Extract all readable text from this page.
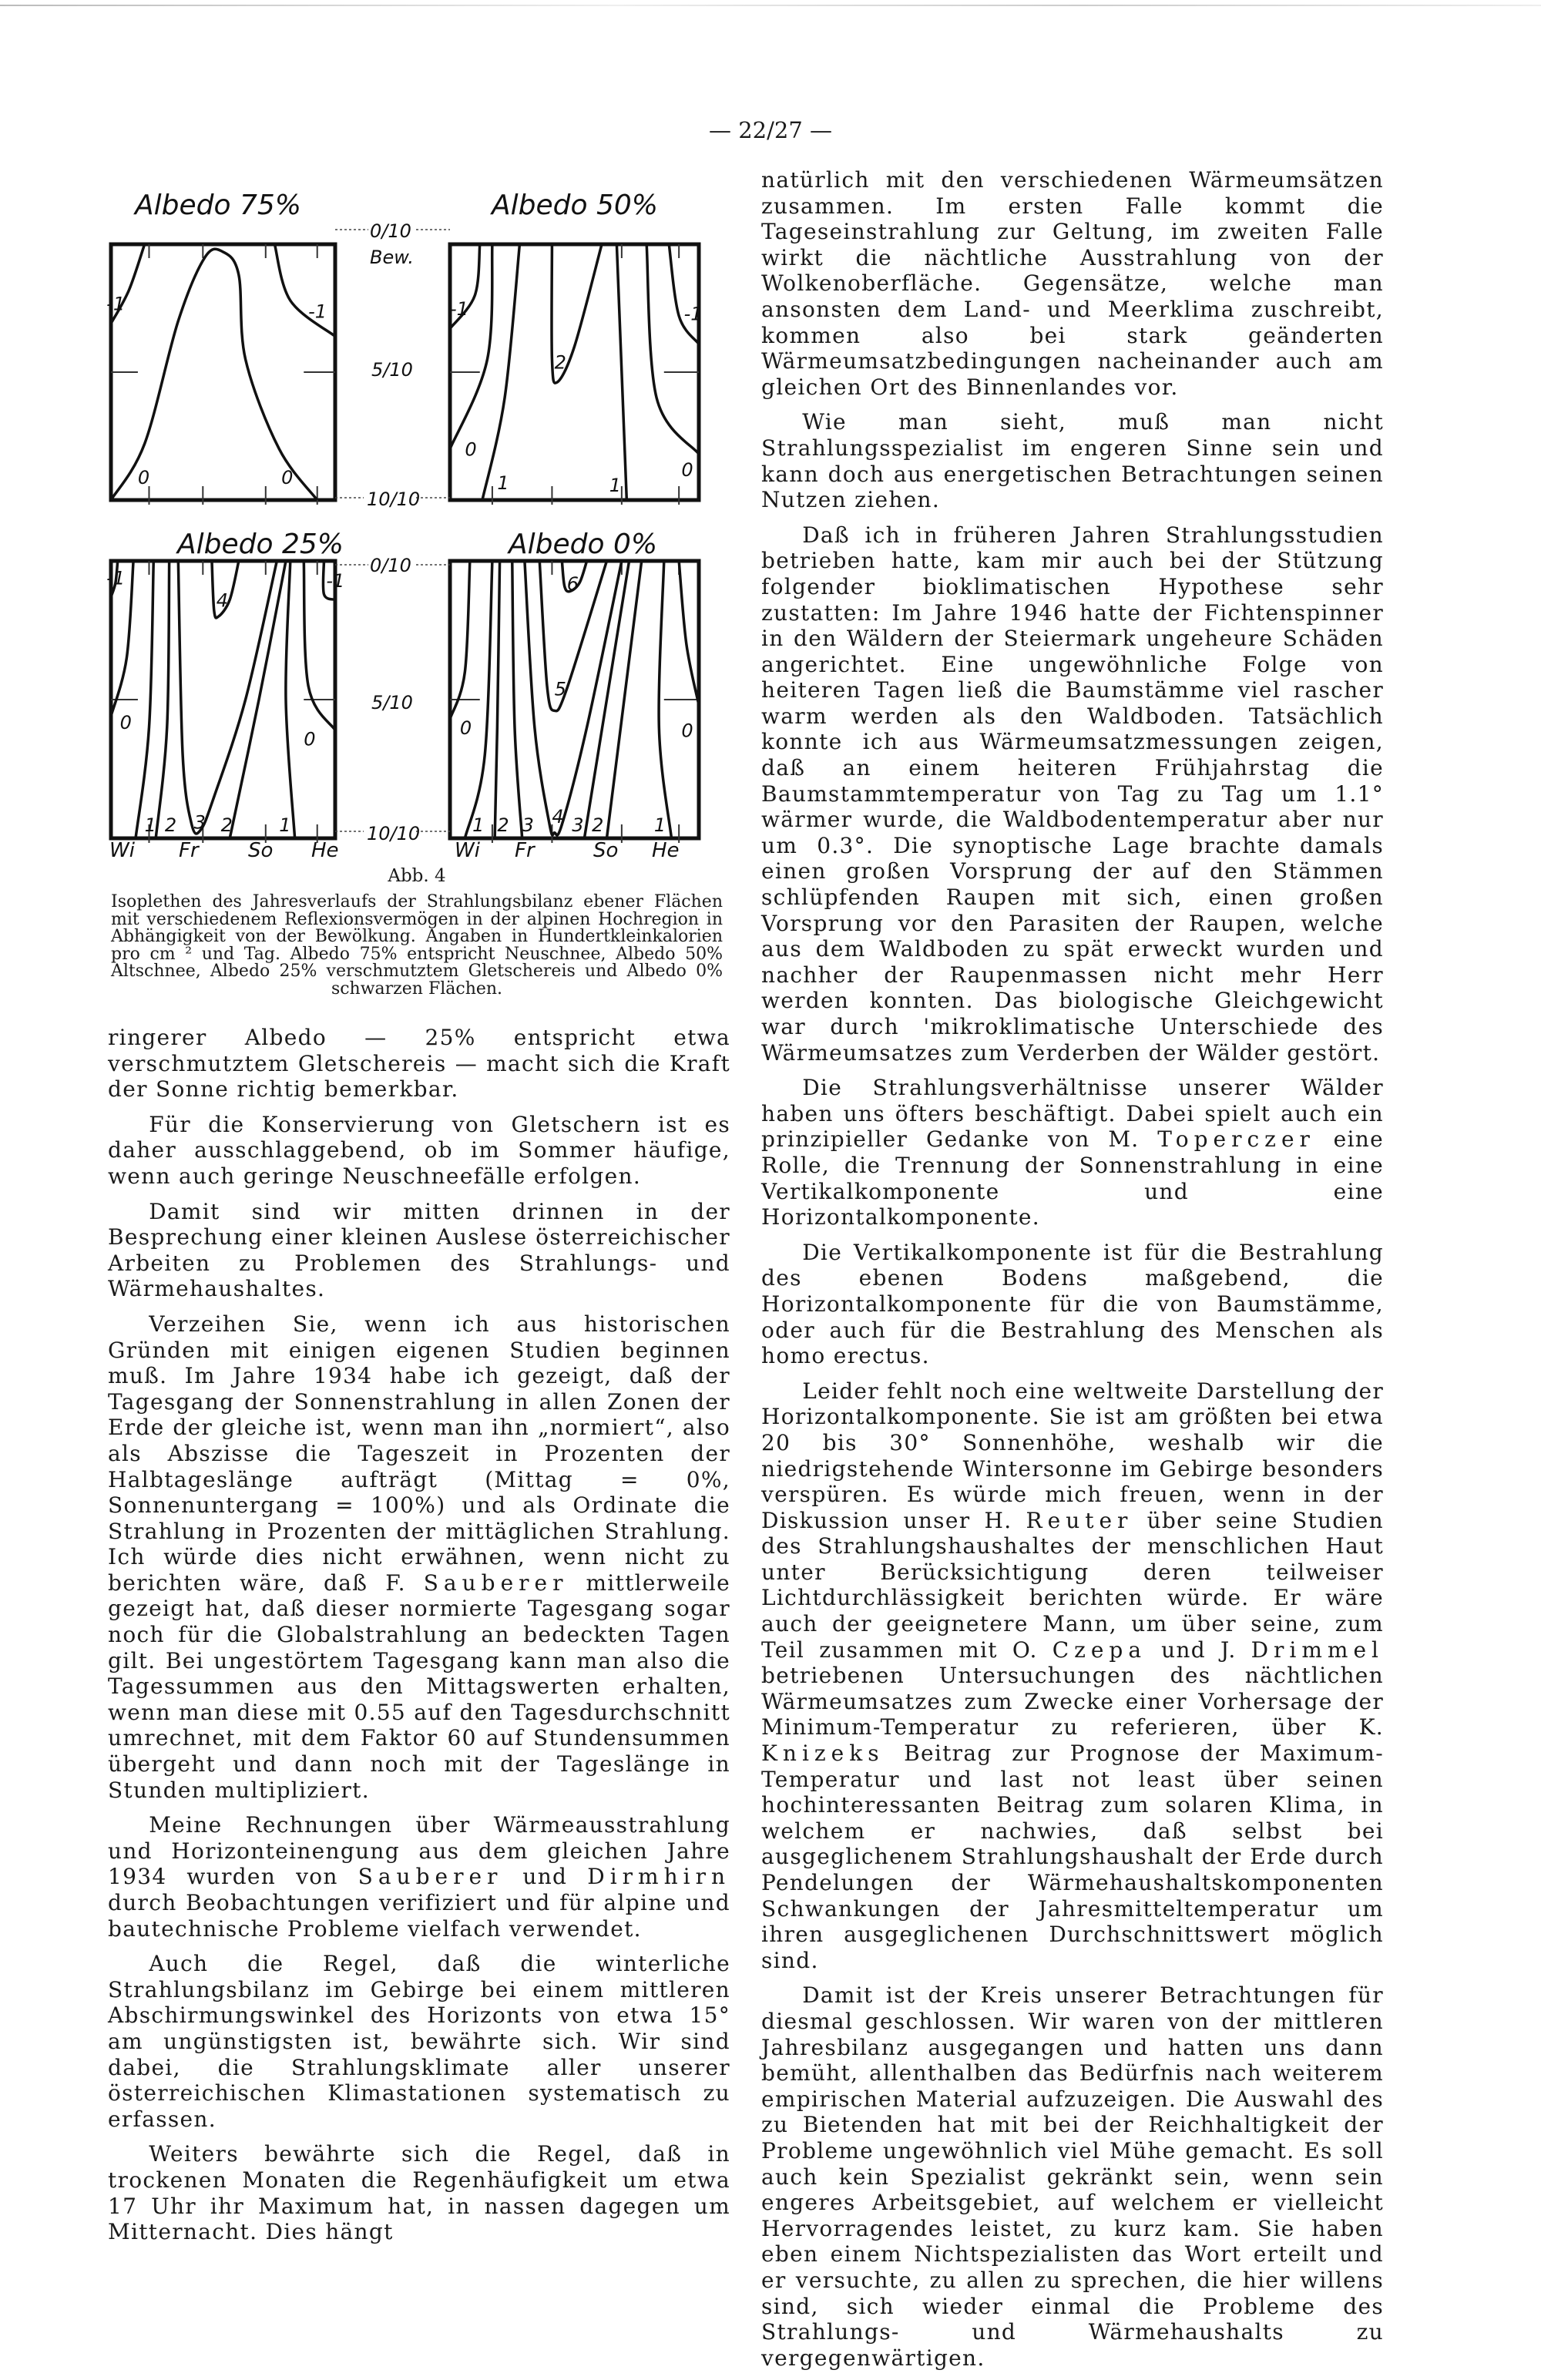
— 22/27 —
-1	-1
0	0
Albedo 75%
-1
0
1
2
1
0
-1
Albedo 50%
-1
4
0
0
1 2 3 2	1
-1
Albedo 25%
6
5
0	0
1 2 3 4 3 2	1
Albedo 0%
0/10
Bew.
5/10
10/10
0/10
5/10
10/10
Wi Fr So He	Wi Fr	So He
Abb. 4

Isoplethen des Jahresverlaufs der Strahlungsbilanz ebener Flächen mit verschiedenem Reflexionsvermögen in der alpinen Hochregion in Abhängigkeit von der Bewölkung. Angaben in Hundertkleinkalorien pro cm ² und Tag. Albedo 75% entspricht Neuschnee, Albedo 50% Altschnee, Albedo 25% verschmutztem Gletschereis und Albedo 0% schwarzen Flächen.

ringerer Albedo — 25% entspricht etwa verschmutztem Gletschereis — macht sich die Kraft der Sonne richtig bemerkbar.

Für die Konservierung von Gletschern ist es daher ausschlaggebend, ob im Sommer häufige, wenn auch geringe Neuschneefälle erfolgen.

Damit sind wir mitten drinnen in der Besprechung einer kleinen Auslese österreichischer Arbeiten zu Problemen des Strahlungs- und Wärmehaushaltes.

Verzeihen Sie, wenn ich aus historischen Gründen mit einigen eigenen Studien beginnen muß. Im Jahre 1934 habe ich gezeigt, daß der Tagesgang der Sonnenstrahlung in allen Zonen der Erde der gleiche ist, wenn man ihn „normiert“, also als Abszisse die Tageszeit in Prozenten der Halbtageslänge aufträgt (Mittag = 0%, Sonnenuntergang = 100%) und als Ordinate die Strahlung in Prozenten der mittäglichen Strahlung. Ich würde dies nicht erwähnen, wenn nicht zu berichten wäre, daß F. Sauberer mittlerweile gezeigt hat, daß dieser normierte Tagesgang sogar noch für die Globalstrahlung an bedeckten Tagen gilt. Bei ungestörtem Tagesgang kann man also die Tagessummen aus den Mittagswerten erhalten, wenn man diese mit 0.55 auf den Tagesdurchschnitt umrechnet, mit dem Faktor 60 auf Stundensummen übergeht und dann noch mit der Tageslänge in Stunden multipliziert.

Meine Rechnungen über Wärmeausstrahlung und Horizonteinengung aus dem gleichen Jahre 1934 wurden von Sauberer und Dirmhirn durch Beobachtungen verifiziert und für alpine und bautechnische Probleme vielfach verwendet.

Auch die Regel, daß die winterliche Strahlungsbilanz im Gebirge bei einem mittleren Abschirmungswinkel des Horizonts von etwa 15° am ungünstigsten ist, bewährte sich. Wir sind dabei, die Strahlungsklimate aller unserer österreichischen Klimastationen systematisch zu erfassen.

Weiters bewährte sich die Regel, daß in trockenen Monaten die Regenhäufigkeit um etwa 17 Uhr ihr Maximum hat, in nassen dagegen um Mitternacht. Dies hängt

natürlich mit den verschiedenen Wärmeumsätzen zusammen. Im ersten Falle kommt die Tageseinstrahlung zur Geltung, im zweiten Falle wirkt die nächtliche Ausstrahlung von der Wolkenoberfläche. Gegensätze, welche man ansonsten dem Land- und Meerklima zuschreibt, kommen also bei stark geänderten Wärmeumsatzbedingungen nacheinander auch am gleichen Ort des Binnenlandes vor.

Wie man sieht, muß man nicht Strahlungsspezialist im engeren Sinne sein und kann doch aus energetischen Betrachtungen seinen Nutzen ziehen.

Daß ich in früheren Jahren Strahlungsstudien betrieben hatte, kam mir auch bei der Stützung folgender bioklimatischen Hypothese sehr zustatten: Im Jahre 1946 hatte der Fichtenspinner in den Wäldern der Steiermark ungeheure Schäden angerichtet. Eine ungewöhnliche Folge von heiteren Tagen ließ die Baumstämme viel rascher warm werden als den Waldboden. Tatsächlich konnte ich aus Wärmeumsatzmessungen zeigen, daß an einem heiteren Frühjahrstag die Baumstammtemperatur von Tag zu Tag um 1.1° wärmer wurde, die Waldbodentemperatur aber nur um 0.3°. Die synoptische Lage brachte damals einen großen Vorsprung der auf den Stämmen schlüpfenden Raupen mit sich, einen großen Vorsprung vor den Parasiten der Raupen, welche aus dem Waldboden zu spät erweckt wurden und nachher der Raupenmassen nicht mehr Herr werden konnten. Das biologische Gleichgewicht war durch 'mikroklimatische Unterschiede des Wärmeumsatzes zum Verderben der Wälder gestört.

Die Strahlungsverhältnisse unserer Wälder haben uns öfters beschäftigt. Dabei spielt auch ein prinzipieller Gedanke von M. Toperczer eine Rolle, die Trennung der Sonnenstrahlung in eine Vertikalkomponente und eine Horizontalkomponente.

Die Vertikalkomponente ist für die Bestrahlung des ebenen Bodens maßgebend, die Horizontalkomponente für die von Baumstämme, oder auch für die Bestrahlung des Menschen als homo erectus.

Leider fehlt noch eine weltweite Darstellung der Horizontalkomponente. Sie ist am größten bei etwa 20 bis 30° Sonnenhöhe, weshalb wir die niedrigstehende Wintersonne im Gebirge besonders verspüren. Es würde mich freuen, wenn in der Diskussion unser H. Reuter über seine Studien des Strahlungshaushaltes der menschlichen Haut unter Berücksichtigung deren teilweiser Lichtdurchlässigkeit berichten würde. Er wäre auch der geeignetere Mann, um über seine, zum Teil zusammen mit O. Czepa und J. Drimmel betriebenen Untersuchungen des nächtlichen Wärmeumsatzes zum Zwecke einer Vorhersage der Minimum-Temperatur zu referieren, über K. Knizeks Beitrag zur Prognose der Maximum-Temperatur und last not least über seinen hochinteressanten Beitrag zum solaren Klima, in welchem er nachwies, daß selbst bei ausgeglichenem Strahlungshaushalt der Erde durch Pendelungen der Wärmehaushaltskomponenten Schwankungen der Jahresmitteltemperatur um ihren ausgeglichenen Durchschnittswert möglich sind.

Damit ist der Kreis unserer Betrachtungen für diesmal geschlossen. Wir waren von der mittleren Jahresbilanz ausgegangen und hatten uns dann bemüht, allenthalben das Bedürfnis nach weiterem empirischen Material aufzuzeigen. Die Auswahl des zu Bietenden hat mit bei der Reichhaltigkeit der Probleme ungewöhnlich viel Mühe gemacht. Es soll auch kein Spezialist gekränkt sein, wenn sein engeres Arbeitsgebiet, auf welchem er vielleicht Hervorragendes leistet, zu kurz kam. Sie haben eben einem Nichtspezialisten das Wort erteilt und er versuchte, zu allen zu sprechen, die hier willens sind, sich wieder einmal die Probleme des Strahlungs- und Wärmehaushalts zu vergegenwärtigen.
